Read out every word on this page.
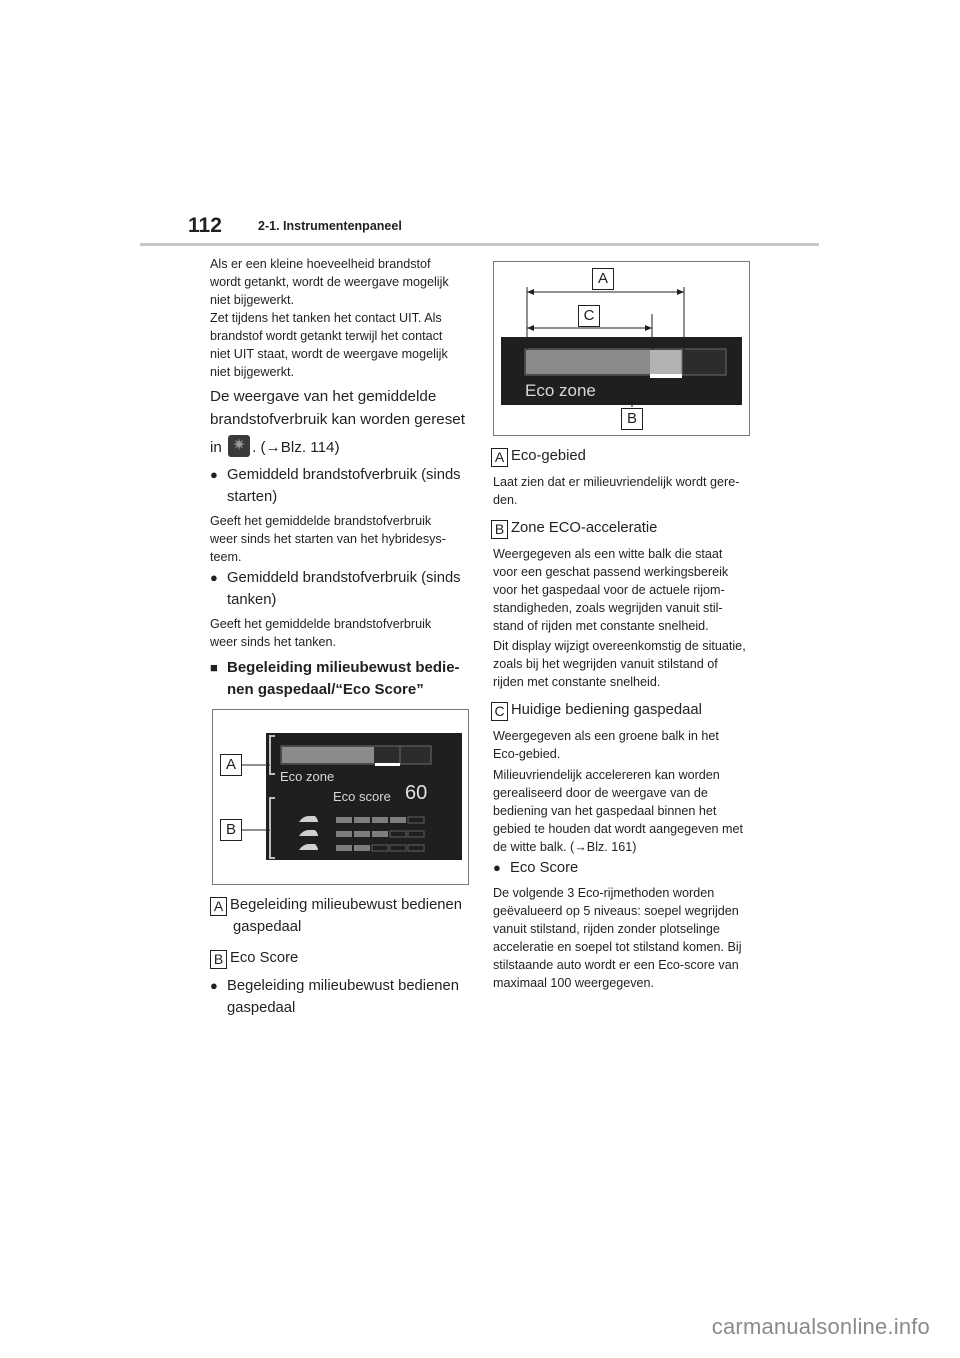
112	2-1. Instrumentenpaneel
Als er een kleine hoeveelheid brandstof
wordt getankt, wordt de weergave mogelijk
niet bijgewerkt.
Zet tijdens het tanken het contact UIT. Als
brandstof wordt getankt terwijl het contact
niet UIT staat, wordt de weergave mogelijk
niet bijgewerkt.
De weergave van het gemiddelde
brandstofverbruik kan worden gereset
in ✷ . (→Blz. 114)
● Gemiddeld brandstofverbruik (sinds
starten)
Geeft het gemiddelde brandstofverbruik
weer sinds het starten van het hybridesys-
teem.
● Gemiddeld brandstofverbruik (sinds
tanken)
Geeft het gemiddelde brandstofverbruik
weer sinds het tanken.
■ Begeleiding milieubewust bedie-
nen gaspedaal/“Eco Score”
Eco zone
Eco score 60
A
B
A Begeleiding milieubewust bedienen
gaspedaal
B Eco Score
● Begeleiding milieubewust bedienen
gaspedaal
Eco zone
A
C
B
A Eco-gebied
Laat zien dat er milieuvriendelijk wordt gere-
den.
B Zone ECO-acceleratie
Weergegeven als een witte balk die staat
voor een geschat passend werkingsbereik
voor het gaspedaal voor de actuele rijom-
standigheden, zoals wegrijden vanuit stil-
stand of rijden met constante snelheid.
Dit display wijzigt overeenkomstig de situatie,
zoals bij het wegrijden vanuit stilstand of
rijden met constante snelheid.
C Huidige bediening gaspedaal
Weergegeven als een groene balk in het
Eco-gebied.
Milieuvriendelijk accelereren kan worden
gerealiseerd door de weergave van de
bediening van het gaspedaal binnen het
gebied te houden dat wordt aangegeven met
de witte balk. (→Blz. 161)
● Eco Score
De volgende 3 Eco-rijmethoden worden
geëvalueerd op 5 niveaus: soepel wegrijden
vanuit stilstand, rijden zonder plotselinge
acceleratie en soepel tot stilstand komen. Bij
stilstaande auto wordt er een Eco-score van
maximaal 100 weergegeven.
carmanualsonline.info
